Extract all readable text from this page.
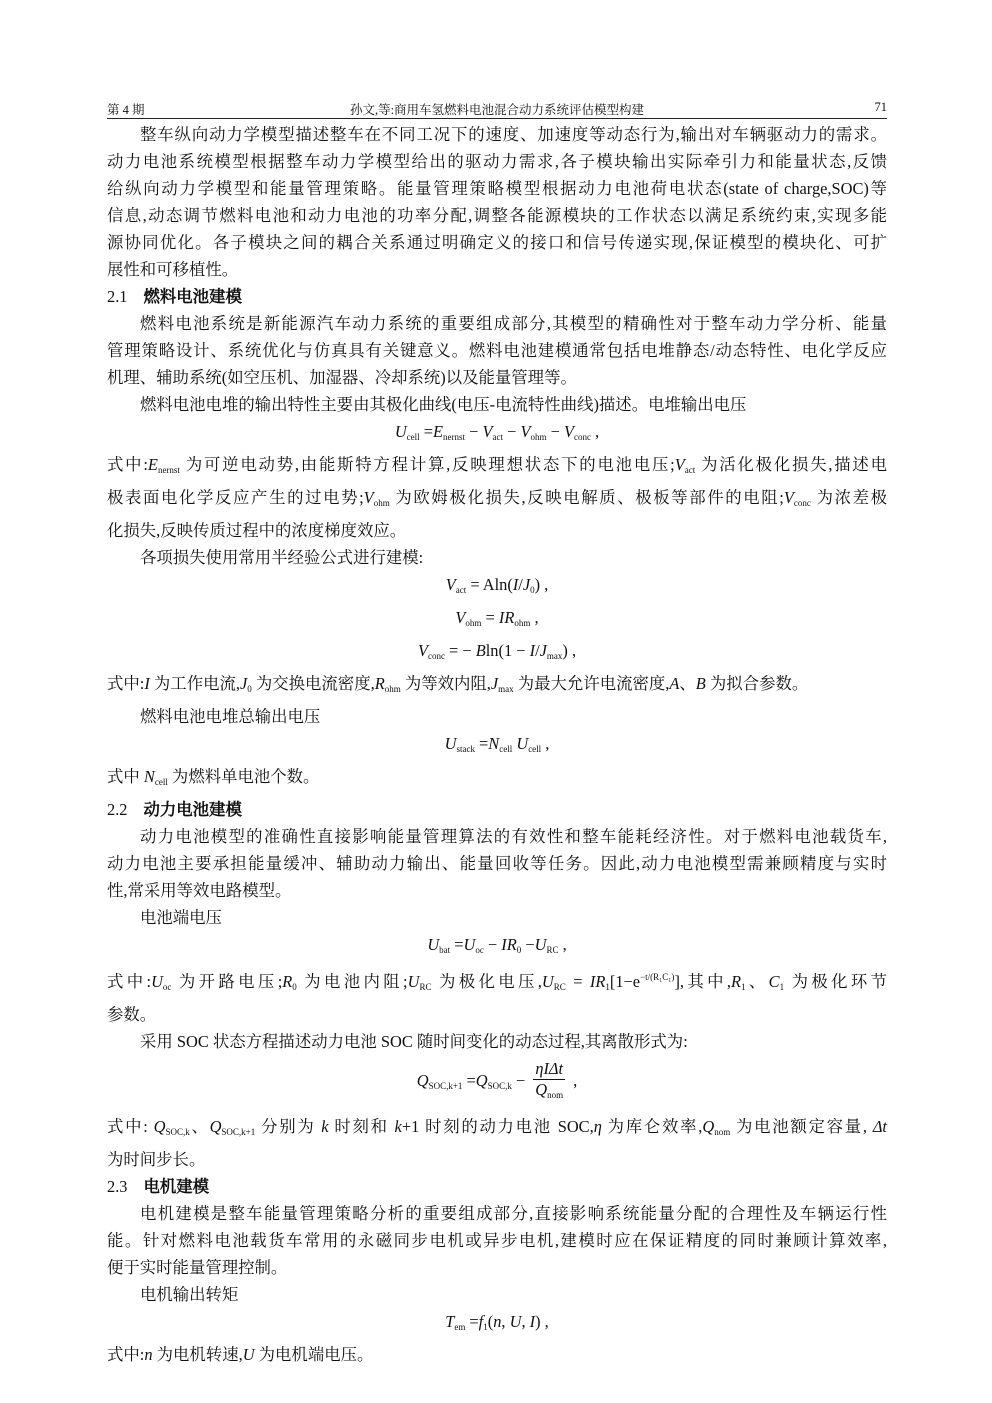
第 4 期	孙文,等:商用车氢燃料电池混合动力系统评估模型构建	71
整车纵向动力学模型描述整车在不同工况下的速度、加速度等动态行为,输出对车辆驱动力的需求。
动力电池系统模型根据整车动力学模型给出的驱动力需求,各子模块输出实际牵引力和能量状态,反馈
给纵向动力学模型和能量管理策略。能量管理策略模型根据动力电池荷电状态(state of charge,SOC)等
信息,动态调节燃料电池和动力电池的功率分配,调整各能源模块的工作状态以满足系统约束,实现多能
源协同优化。各子模块之间的耦合关系通过明确定义的接口和信号传递实现,保证模型的模块化、可扩
展性和可移植性。
2.1 燃料电池建模
燃料电池系统是新能源汽车动力系统的重要组成部分,其模型的精确性对于整车动力学分析、能量
管理策略设计、系统优化与仿真具有关键意义。燃料电池建模通常包括电堆静态/动态特性、电化学反应
机理、辅助系统(如空压机、加湿器、冷却系统)以及能量管理等。
燃料电池电堆的输出特性主要由其极化曲线(电压-电流特性曲线)描述。电堆输出电压
$U_{cell} =E_{nernst} - V_{act} - V_{ohm} - V_{conc}$ ,
式中$:E_{nernst}$ 为可逆电动势,由能斯特方程计算,反映理想状态下的电池电压$;V_{act}$ 为活化极化损失,描述电
极表面电化学反应产生的过电势$;V_{ohm}$ 为欧姆极化损失,反映电解质、极板等部件的电阻$;V_{conc}$ 为浓差极
化损失,反映传质过程中的浓度梯度效应。
各项损失使用常用半经验公式进行建模:
$V_{act} = Aln(I/J_0)$ ,
$V_{ohm} = IR_{ohm}$ ,
$V_{conc}$ = − $Bln(1 - I/J_{max})$ ,
式中:I 为工作电流$,J_0$ 为交换电流密度$,R_{ohm}$ 为等效内阻$,J_{max}$ 为最大允许电流密度,A、B 为拟合参数。
燃料电池电堆总输出电压
$U_{stack} =N_{cell}$ $U_{cell}$ ,
式中 $N_{cell}$ 为燃料单电池个数。
2.2 动力电池建模
动力电池模型的准确性直接影响能量管理算法的有效性和整车能耗经济性。对于燃料电池载货车,
动力电池主要承担能量缓冲、辅助动力输出、能量回收等任务。因此,动力电池模型需兼顾精度与实时
性,常采用等效电路模型。
电池端电压
$U_{bat} =U_{oc} - IR_0 -U_{RC}$ ,
式中$:U_{oc}$ 为开路电压$;R_0$ 为电池内阻$;U_{RC}$ 为极化电压$,U_{RC} = IR_1[1-e^{-t/(R_1C_1)}]$,其中$,R_1$、$C_1$ 为极化环节
参数。
采用 SOC 状态方程描述动力电池 SOC 随时间变化的动态过程,其离散形式为:
$Q_{SOC,k+1} =Q_{SOC,k} - \frac{\text{ηIΔt}}{Q_{nom}}$ ,
式中: $Q_{SOC,k}$、$Q_{SOC,k+1}$ 分别为 k 时刻和 k+1 时刻的动力电池 SOC,η 为库仑效率$,Q_{nom}$ 为电池额定容量, Δt
为时间步长。
2.3 电机建模
电机建模是整车能量管理策略分析的重要组成部分,直接影响系统能量分配的合理性及车辆运行性
能。针对燃料电池载货车常用的永磁同步电机或异步电机,建模时应在保证精度的同时兼顾计算效率,
便于实时能量管理控制。
电机输出转矩
$T_{em} =f_1(n$, U, I) ,
式中:n 为电机转速,U 为电机端电压。
